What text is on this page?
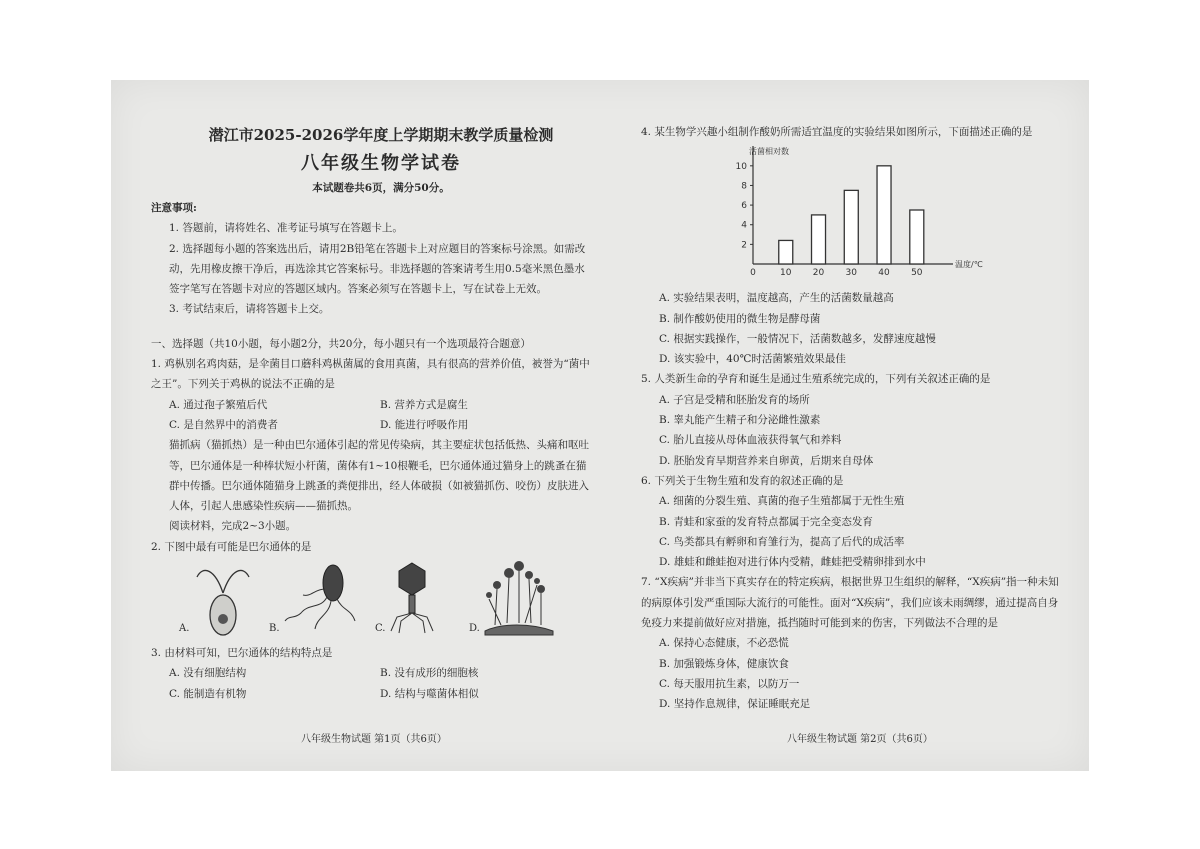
潜江市2025-2026学年度上学期期末教学质量检测
八年级生物学试卷
本试题卷共6页，满分50分。
注意事项:
1. 答题前，请将姓名、准考证号填写在答题卡上。
2. 选择题每小题的答案选出后，请用2B铅笔在答题卡上对应题目的答案标号涂黑。如需改动，先用橡皮擦干净后，再选涂其它答案标号。非选择题的答案请考生用0.5毫米黑色墨水签字笔写在答题卡对应的答题区域内。答案必须写在答题卡上，写在试卷上无效。
3. 考试结束后，请将答题卡上交。
一、选择题（共10小题，每小题2分，共20分，每小题只有一个选项最符合题意）
1. 鸡枞别名鸡肉菇，是伞菌目口蘑科鸡枞菌属的食用真菌，具有很高的营养价值，被誉为“菌中之王”。下列关于鸡枞的说法不正确的是
A. 通过孢子繁殖后代	B. 营养方式是腐生
C. 是自然界中的消费者	D. 能进行呼吸作用
猫抓病（猫抓热）是一种由巴尔通体引起的常见传染病，其主要症状包括低热、头痛和呕吐等，巴尔通体是一种棒状短小杆菌，菌体有1~10根鞭毛，巴尔通体通过猫身上的跳蚤在猫群中传播。巴尔通体随猫身上跳蚤的粪便排出，经人体破损（如被猫抓伤、咬伤）皮肤进入人体，引起人患感染性疾病——猫抓热。
阅读材料，完成2~3小题。
2. 下图中最有可能是巴尔通体的是
A.	B.	C.	D.
3. 由材料可知，巴尔通体的结构特点是
A. 没有细胞结构	B. 没有成形的细胞核
C. 能制造有机物	D. 结构与噬菌体相似
八年级生物试题 第1页（共6页）
4. 某生物学兴趣小组制作酸奶所需适宜温度的实验结果如图所示，下面描述正确的是
活菌相对数
2
4
6
8
10
0	10 20 30 40 50
温度/℃
A. 实验结果表明，温度越高，产生的活菌数量越高
B. 制作酸奶使用的微生物是酵母菌
C. 根据实践操作，一般情况下，活菌数越多，发酵速度越慢
D. 该实验中，40℃时活菌繁殖效果最佳
5. 人类新生命的孕育和诞生是通过生殖系统完成的，下列有关叙述正确的是
A. 子宫是受精和胚胎发育的场所
B. 睾丸能产生精子和分泌雌性激素
C. 胎儿直接从母体血液获得氧气和养料
D. 胚胎发育早期营养来自卵黄，后期来自母体
6. 下列关于生物生殖和发育的叙述正确的是
A. 细菌的分裂生殖、真菌的孢子生殖都属于无性生殖
B. 青蛙和家蚕的发育特点都属于完全变态发育
C. 鸟类都具有孵卵和育雏行为，提高了后代的成活率
D. 雄蛙和雌蛙抱对进行体内受精，雌蛙把受精卵排到水中
7. “X疾病”并非当下真实存在的特定疾病，根据世界卫生组织的解释，“X疾病”指一种未知的病原体引发严重国际大流行的可能性。面对“X疾病”，我们应该未雨绸缪，通过提高自身免疫力来提前做好应对措施，抵挡随时可能到来的伤害，下列做法不合理的是
A. 保持心态健康，不必恐慌
B. 加强锻炼身体，健康饮食
C. 每天服用抗生素，以防万一
D. 坚持作息规律，保证睡眠充足
八年级生物试题 第2页（共6页）
